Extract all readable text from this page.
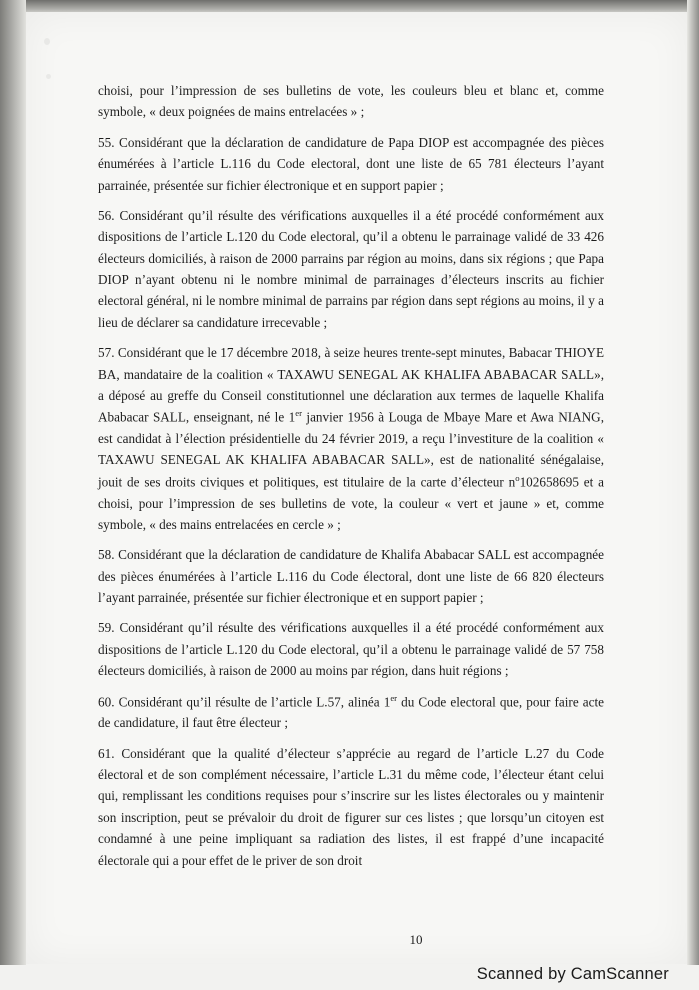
choisi, pour l’impression de ses bulletins de vote, les couleurs bleu et blanc et, comme symbole, « deux poignées de mains entrelacées » ;

55. Considérant que la déclaration de candidature de Papa DIOP est accompagnée des pièces énumérées à l’article L.116 du Code electoral, dont une liste de 65 781 électeurs l’ayant parrainée, présentée sur fichier électronique et en support papier ;

56. Considérant qu’il résulte des vérifications auxquelles il a été procédé conformément aux dispositions de l’article L.120 du Code electoral, qu’il a obtenu le parrainage validé de 33 426 électeurs domiciliés, à raison de 2000 parrains par région au moins, dans six régions ; que Papa DIOP n’ayant obtenu ni le nombre minimal de parrainages d’électeurs inscrits au fichier electoral général, ni le nombre minimal de parrains par région dans sept régions au moins, il y a lieu de déclarer sa candidature irrecevable ;

57. Considérant que le 17 décembre 2018, à seize heures trente-sept minutes, Babacar THIOYE BA, mandataire de la coalition « TAXAWU SENEGAL AK KHALIFA ABABACAR SALL», a déposé au greffe du Conseil constitutionnel une déclaration aux termes de laquelle Khalifa Ababacar SALL, enseignant, né le 1er janvier 1956 à Louga de Mbaye Mare et Awa NIANG, est candidat à l’élection présidentielle du 24 février 2019, a reçu l’investiture de la coalition « TAXAWU SENEGAL AK KHALIFA ABABACAR SALL», est de nationalité sénégalaise, jouit de ses droits civiques et politiques, est titulaire de la carte d’électeur $n^o102658695$ et a choisi, pour l’impression de ses bulletins de vote, la couleur « vert et jaune » et, comme symbole, « des mains entrelacées en cercle » ;

58. Considérant que la déclaration de candidature de Khalifa Ababacar SALL est accompagnée des pièces énumérées à l’article L.116 du Code électoral, dont une liste de 66 820 électeurs l’ayant parrainée, présentée sur fichier électronique et en support papier ;

59. Considérant qu’il résulte des vérifications auxquelles il a été procédé conformément aux dispositions de l’article L.120 du Code electoral, qu’il a obtenu le parrainage validé de 57 758 électeurs domiciliés, à raison de 2000 au moins par région, dans huit régions ;

60. Considérant qu’il résulte de l’article L.57, alinéa 1er du Code electoral que, pour faire acte de candidature, il faut être électeur ;

61. Considérant que la qualité d’électeur s’apprécie au regard de l’article L.27 du Code électoral et de son complément nécessaire, l’article L.31 du même code, l’électeur étant celui qui, remplissant les conditions requises pour s’inscrire sur les listes électorales ou y maintenir son inscription, peut se prévaloir du droit de figurer sur ces listes ; que lorsqu’un citoyen est condamné à une peine impliquant sa radiation des listes, il est frappé d’une incapacité électorale qui a pour effet de le priver de son droit

10
Scanned by CamScanner
